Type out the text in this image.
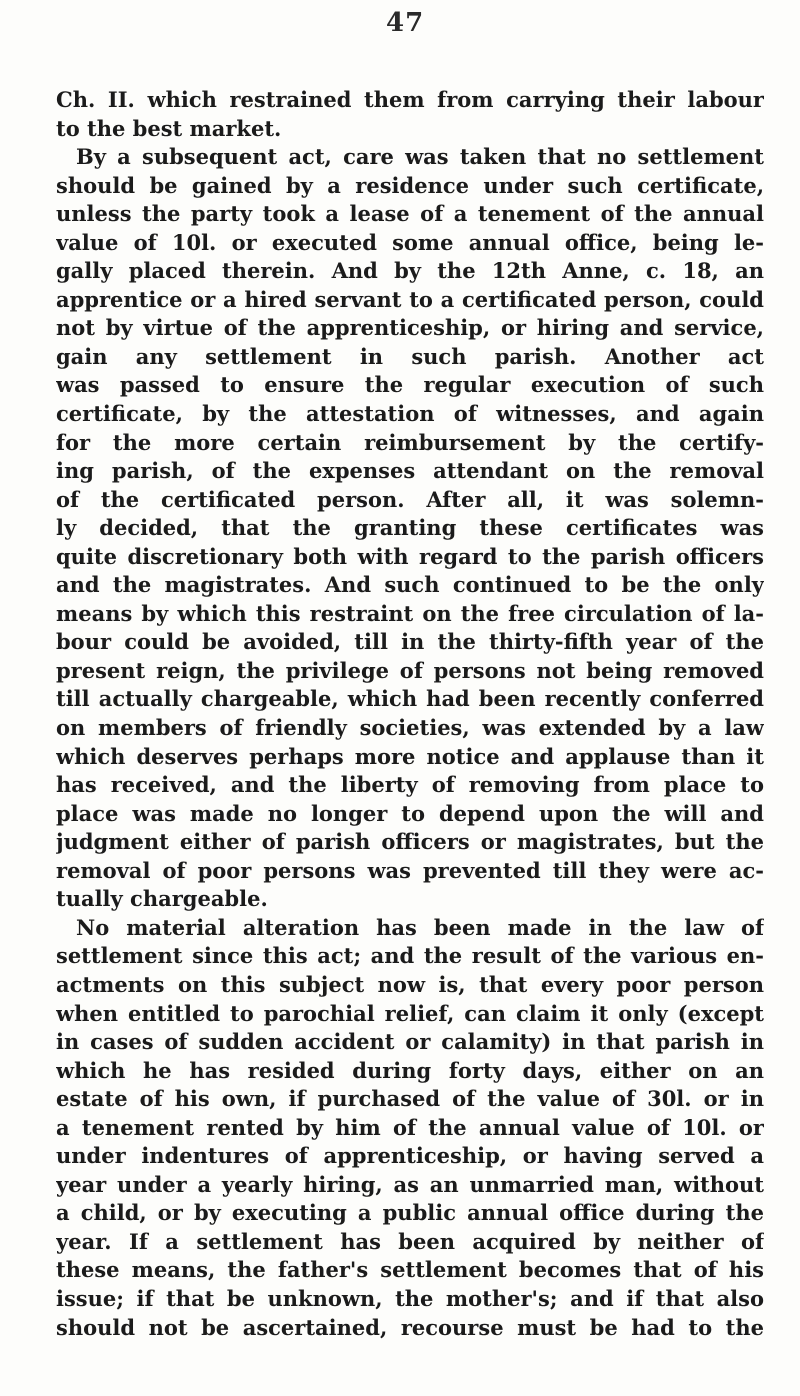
47
Ch. II. which restrained them from carrying their labour
to the best market.
By a subsequent act, care was taken that no settlement
should be gained by a residence under such certificate,
unless the party took a lease of a tenement of the annual
value of 10l. or executed some annual office, being le-
gally placed therein. And by the 12th Anne, c. 18, an
apprentice or a hired servant to a certificated person, could
not by virtue of the apprenticeship, or hiring and service,
gain any settlement in such parish. Another act
was passed to ensure the regular execution of such
certificate, by the attestation of witnesses, and again
for the more certain reimbursement by the certify-
ing parish, of the expenses attendant on the removal
of the certificated person. After all, it was solemn-
ly decided, that the granting these certificates was
quite discretionary both with regard to the parish officers
and the magistrates. And such continued to be the only
means by which this restraint on the free circulation of la-
bour could be avoided, till in the thirty-fifth year of the
present reign, the privilege of persons not being removed
till actually chargeable, which had been recently conferred
on members of friendly societies, was extended by a law
which deserves perhaps more notice and applause than it
has received, and the liberty of removing from place to
place was made no longer to depend upon the will and
judgment either of parish officers or magistrates, but the
removal of poor persons was prevented till they were ac-
tually chargeable.
No material alteration has been made in the law of
settlement since this act; and the result of the various en-
actments on this subject now is, that every poor person
when entitled to parochial relief, can claim it only (except
in cases of sudden accident or calamity) in that parish in
which he has resided during forty days, either on an
estate of his own, if purchased of the value of 30l. or in
a tenement rented by him of the annual value of 10l. or
under indentures of apprenticeship, or having served a
year under a yearly hiring, as an unmarried man, without
a child, or by executing a public annual office during the
year. If a settlement has been acquired by neither of
these means, the father's settlement becomes that of his
issue; if that be unknown, the mother's; and if that also
should not be ascertained, recourse must be had to the
